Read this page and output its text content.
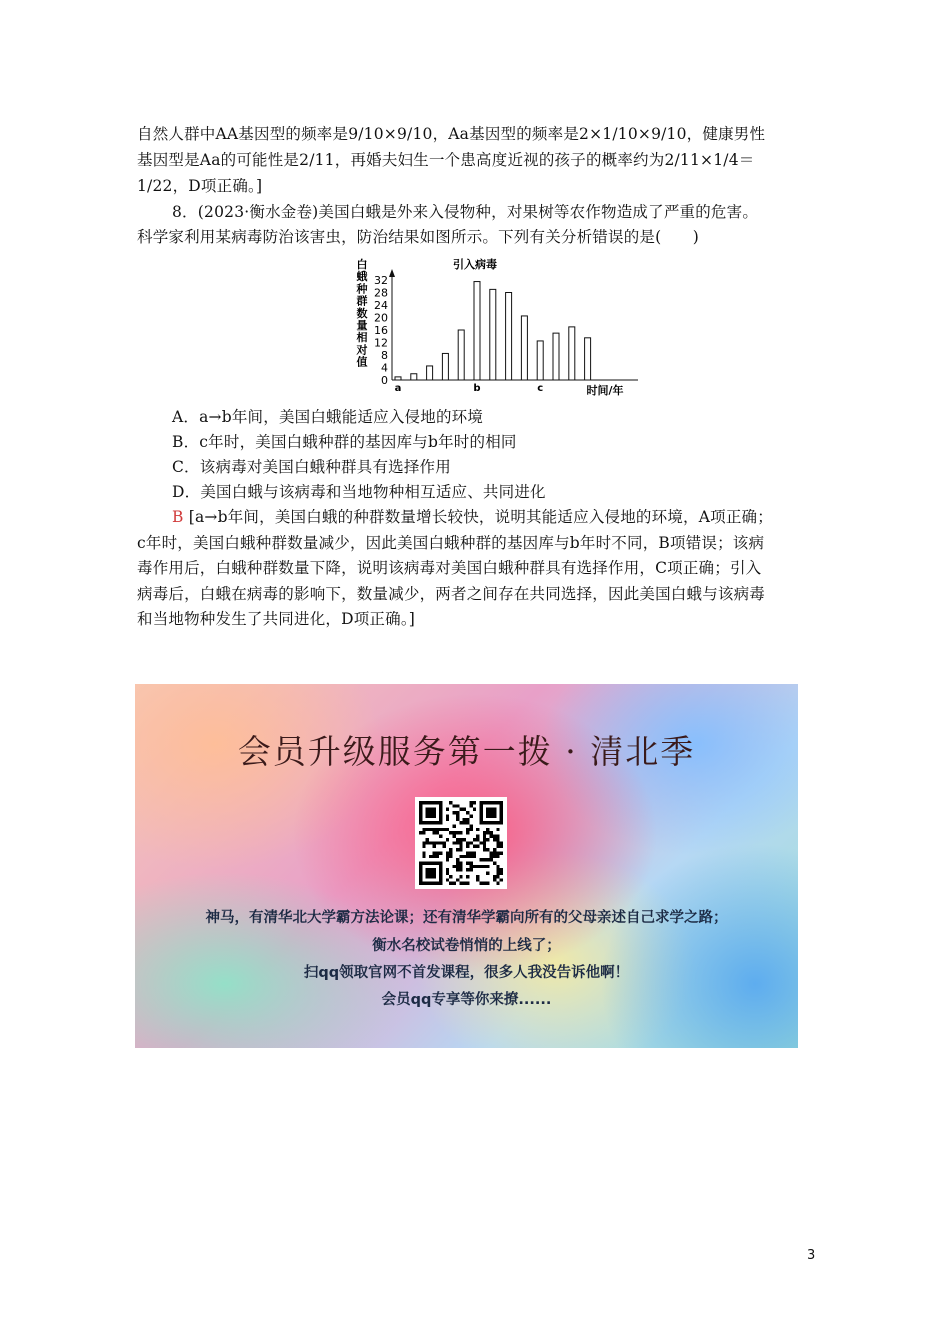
自然人群中AA基因型的频率是9/10×9/10，Aa基因型的频率是2×1/10×9/10，健康男性
基因型是Aa的可能性是2/11，再婚夫妇生一个患高度近视的孩子的概率约为2/11×1/4＝
1/22，D项正确。]
8．(2023·衡水金卷)美国白蛾是外来入侵物种，对果树等农作物造成了严重的危害。
科学家利用某病毒防治该害虫，防治结果如图所示。下列有关分析错误的是(　　)
白蛾种群数量相对值
0
4
8
12
16
20
24
28
32
a	b	c
引入病毒
时间/年
A．a→b年间，美国白蛾能适应入侵地的环境
B．c年时，美国白蛾种群的基因库与b年时的相同
C．该病毒对美国白蛾种群具有选择作用
D．美国白蛾与该病毒和当地物种相互适应、共同进化
B [a→b年间，美国白蛾的种群数量增长较快，说明其能适应入侵地的环境，A项正确；
c年时，美国白蛾种群数量减少，因此美国白蛾种群的基因库与b年时不同，B项错误；该病
毒作用后，白蛾种群数量下降，说明该病毒对美国白蛾种群具有选择作用，C项正确；引入
病毒后，白蛾在病毒的影响下，数量减少，两者之间存在共同选择，因此美国白蛾与该病毒
和当地物种发生了共同进化，D项正确。]
会员升级服务第一拨 · 清北季
神马，有清华北大学霸方法论课；还有清华学霸向所有的父母亲述自己求学之路；
衡水名校试卷悄悄的上线了；
扫qq领取官网不首发课程，很多人我没告诉他啊！
会员qq专享等你来撩......
3
